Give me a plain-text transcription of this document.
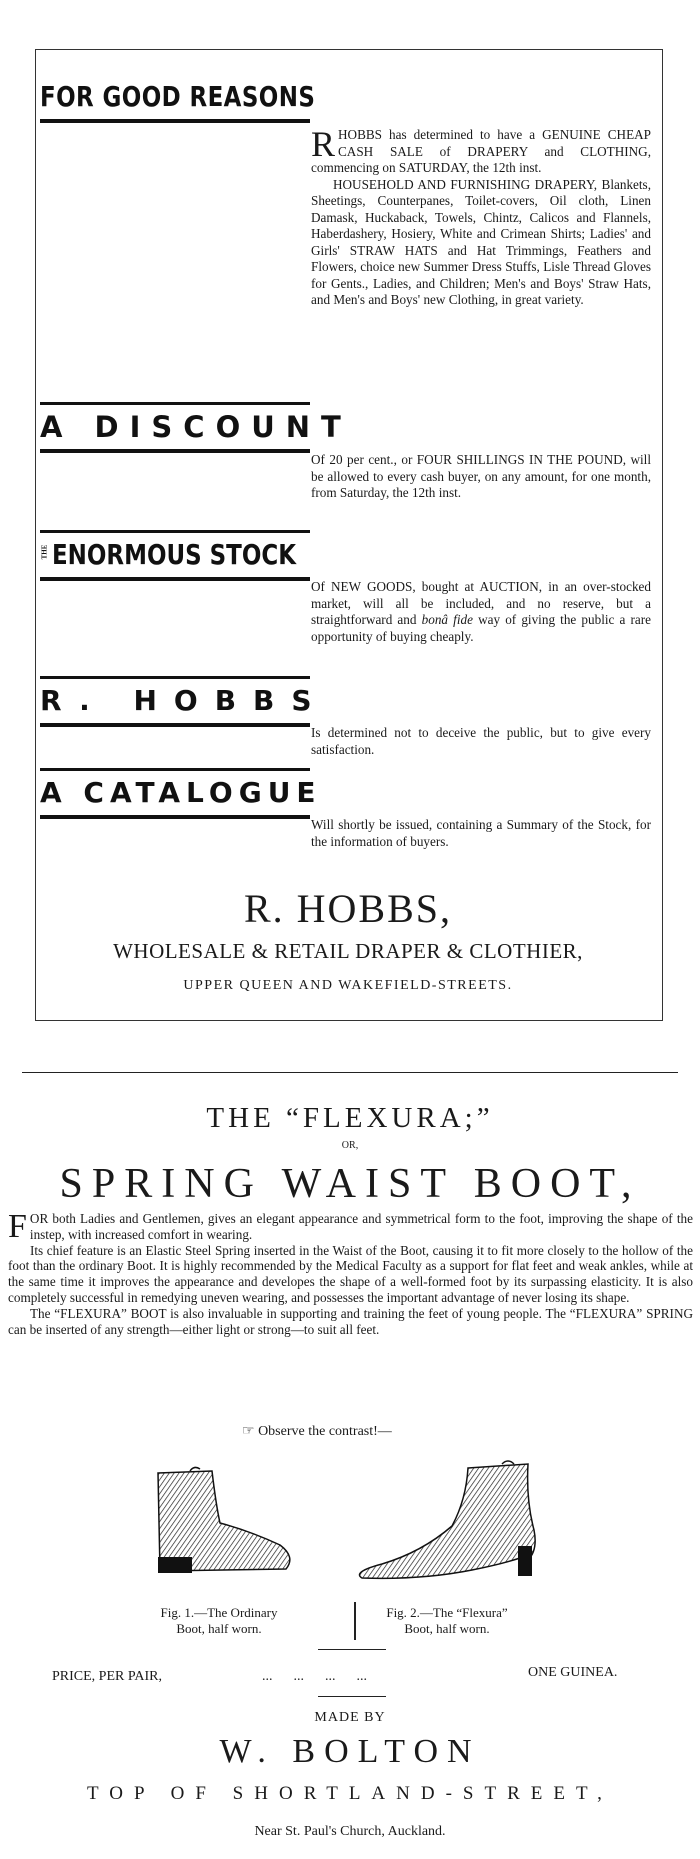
FOR GOOD REASONS

RHOBBS has determined to have a GENUINE CHEAP CASH SALE of DRAPERY and CLOTHING, commencing on SATURDAY, the 12th inst.

HOUSEHOLD AND FURNISHING DRAPERY, Blankets, Sheetings, Counterpanes, Toilet-covers, Oil cloth, Linen Damask, Huckaback, Towels, Chintz, Calicos and Flannels, Haberdashery, Hosiery, White and Crimean Shirts; Ladies' and Girls' STRAW HATS and Hat Trimmings, Feathers and Flowers, choice new Summer Dress Stuffs, Lisle Thread Gloves for Gents., Ladies, and Children; Men's and Boys' Straw Hats, and Men's and Boys' new Clothing, in great variety.

A DISCOUNT

Of 20 per cent., or FOUR SHILLINGS IN THE POUND, will be allowed to every cash buyer, on any amount, for one month, from Saturday, the 12th inst.

THE ENORMOUS STOCK

Of NEW GOODS, bought at AUCTION, in an over-stocked market, will all be included, and no reserve, but a straightforward and bonâ fide way of giving the public a rare opportunity of buying cheaply.

R. HOBBS

Is determined not to deceive the public, but to give every satisfaction.

A CATALOGUE

Will shortly be issued, containing a Summary of the Stock, for the information of buyers.

R. HOBBS,
WHOLESALE & RETAIL DRAPER & CLOTHIER,
UPPER QUEEN AND WAKEFIELD-STREETS.
THE “FLEXURA;”
OR,
SPRING WAIST BOOT,

FOR both Ladies and Gentlemen, gives an elegant appearance and symmetrical form to the foot, improving the shape of the instep, with increased comfort in wearing.

Its chief feature is an Elastic Steel Spring inserted in the Waist of the Boot, causing it to fit more closely to the hollow of the foot than the ordinary Boot. It is highly recommended by the Medical Faculty as a support for flat feet and weak ankles, while at the same time it improves the appearance and developes the shape of a well-formed foot by its surpassing elasticity. It is also completely successful in remedying uneven wearing, and possesses the important advantage of never losing its shape.

The “FLEXURA” BOOT is also invaluable in supporting and training the feet of young people. The “FLEXURA” SPRING can be inserted of any strength—either light or strong—to suit all feet.

☞ Observe the contrast!—
Fig. 1.—The Ordinary
Boot, half worn.
Fig. 2.—The “Flexura”
Boot, half worn.
PRICE, PER PAIR,	...      ...      ...      ...	ONE GUINEA.
MADE BY
W. BOLTON
TOP OF SHORTLAND-STREET,
Near St. Paul's Church, Auckland.
